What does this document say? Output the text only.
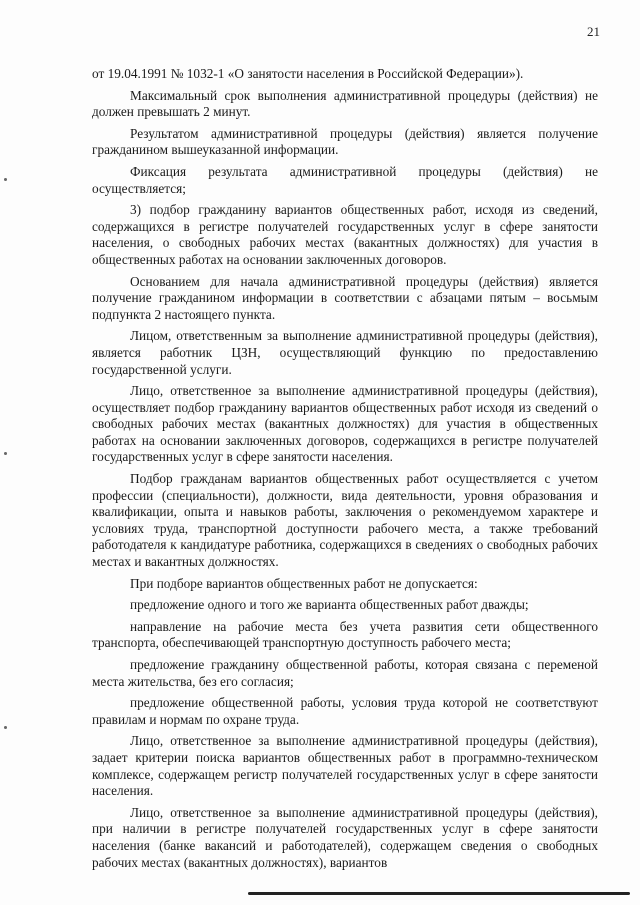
21

от 19.04.1991 № 1032-1 «О занятости населения в Российской Федерации»).

Максимальный срок выполнения административной процедуры (действия) не должен превышать 2 минут.

Результатом административной процедуры (действия) является получение гражданином вышеуказанной информации.

Фиксация результата административной процедуры (действия) не осуществляется;

3) подбор гражданину вариантов общественных работ, исходя из сведений, содержащихся в регистре получателей государственных услуг в сфере занятости населения, о свободных рабочих местах (вакантных должностях) для участия в общественных работах на основании заключенных договоров.

Основанием для начала административной процедуры (действия) является получение гражданином информации в соответствии с абзацами пятым – восьмым подпункта 2 настоящего пункта.

Лицом, ответственным за выполнение административной процедуры (действия), является работник ЦЗН, осуществляющий функцию по предоставлению государственной услуги.

Лицо, ответственное за выполнение административной процедуры (действия), осуществляет подбор гражданину вариантов общественных работ исходя из сведений о свободных рабочих местах (вакантных должностях) для участия в общественных работах на основании заключенных договоров, содержащихся в регистре получателей государственных услуг в сфере занятости населения.

Подбор гражданам вариантов общественных работ осуществляется с учетом профессии (специальности), должности, вида деятельности, уровня образования и квалификации, опыта и навыков работы, заключения о рекомендуемом характере и условиях труда, транспортной доступности рабочего места, а также требований работодателя к кандидатуре работника, содержащихся в сведениях о свободных рабочих местах и вакантных должностях.

При подборе вариантов общественных работ не допускается:

предложение одного и того же варианта общественных работ дважды;

направление на рабочие места без учета развития сети общественного транспорта, обеспечивающей транспортную доступность рабочего места;

предложение гражданину общественной работы, которая связана с переменой места жительства, без его согласия;

предложение общественной работы, условия труда которой не соответствуют правилам и нормам по охране труда.

Лицо, ответственное за выполнение административной процедуры (действия), задает критерии поиска вариантов общественных работ в программно-техническом комплексе, содержащем регистр получателей государственных услуг в сфере занятости населения.

Лицо, ответственное за выполнение административной процедуры (действия), при наличии в регистре получателей государственных услуг в сфере занятости населения (банке вакансий и работодателей), содержащем сведения о свободных рабочих местах (вакантных должностях), вариантов
